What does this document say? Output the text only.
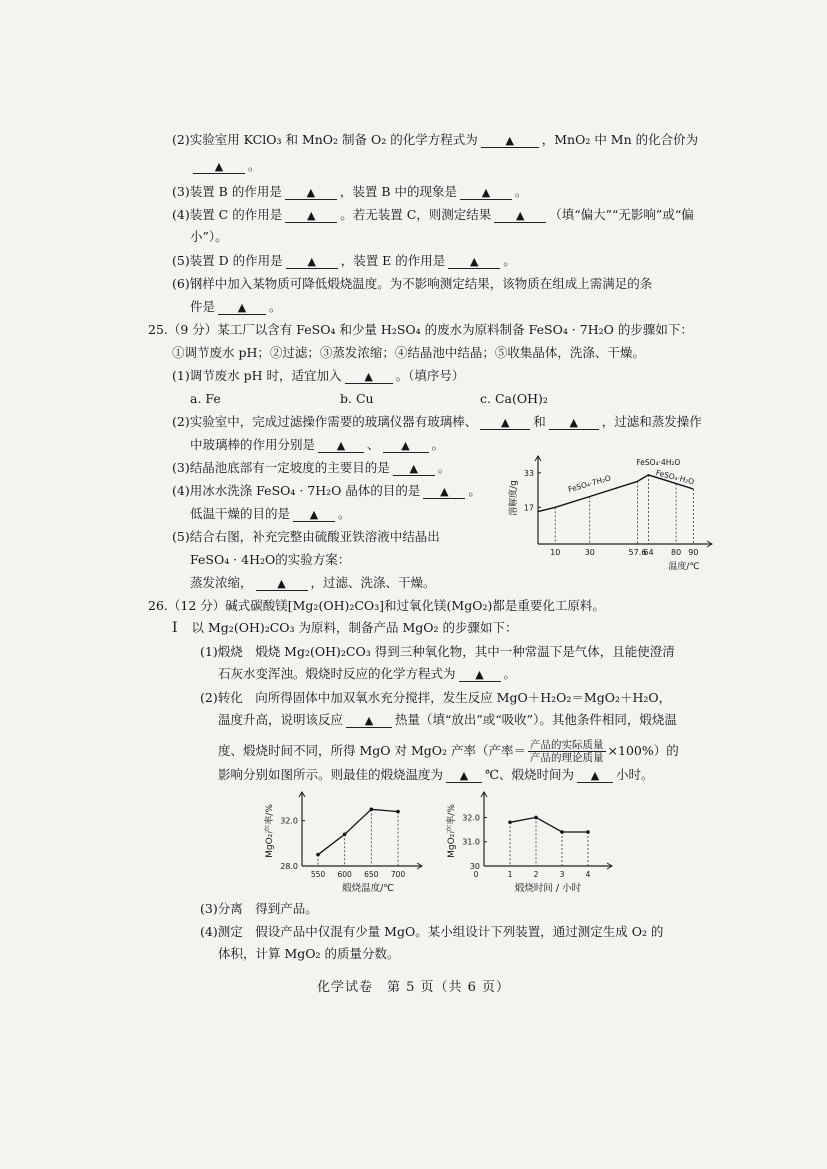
(2)实验室用 KClO₃ 和 MnO₂ 制备 O₂ 的化学方程式为	▲ ，MnO₂ 中 Mn 的化合价为
▲ 。
(3)装置 B 的作用是 ▲ ，装置 B 中的现象是 ▲ 。
(4)装置 C 的作用是 ▲ 。若无装置 C，则测定结果 ▲ （填“偏大”“无影响”或“偏
小”）。
(5)装置 D 的作用是 ▲ ，装置 E 的作用是 ▲ 。
(6)钢样中加入某物质可降低煅烧温度。为不影响测定结果，该物质在组成上需满足的条
件是 ▲ 。
25.（9 分）某工厂以含有 FeSO₄ 和少量 H₂SO₄ 的废水为原料制备 FeSO₄ · 7H₂O 的步骤如下：
①调节废水 pH；②过滤；③蒸发浓缩；④结晶池中结晶；⑤收集晶体，洗涤、干燥。
(1)调节废水 pH 时，适宜加入 ▲ 。（填序号）
a. Fe	b. Cu	c. Ca(OH)₂
(2)实验室中，完成过滤操作需要的玻璃仪器有玻璃棒、 ▲ 和 ▲ ，过滤和蒸发操作
中玻璃棒的作用分别是 ▲ 、 ▲ 。
(3)结晶池底部有一定坡度的主要目的是 ▲ 。
(4)用冰水洗涤 FeSO₄ · 7H₂O 晶体的目的是 ▲ 。
低温干燥的目的是 ▲ 。
(5)结合右图，补充完整由硫酸亚铁溶液中结晶出
FeSO₄ · 4H₂O的实验方案：
蒸发浓缩， ▲ ，过滤、洗涤、干燥。
溶解度/g 17
33
10	30	57.6
64 80 90
温度/℃
FeSO₄·7H₂O
FeSO₄·4H₂O
FeSO₄·H₂O
26.（12 分）碱式碳酸镁[Mg₂(OH)₂CO₃]和过氧化镁(MgO₂)都是重要化工原料。
Ⅰ 以 Mg₂(OH)₂CO₃ 为原料，制备产品 MgO₂ 的步骤如下：
(1)煅烧　煅烧 Mg₂(OH)₂CO₃ 得到三种氧化物，其中一种常温下是气体，且能使澄清
石灰水变浑浊。煅烧时反应的化学方程式为 ▲ 。
(2)转化　向所得固体中加双氧水充分搅拌，发生反应 MgO＋H₂O₂＝MgO₂＋H₂O，
温度升高，说明该反应 ▲ 热量（填“放出”或“吸收”）。其他条件相同，煅烧温
度、煅烧时间不同，所得 MgO 对 MgO₂ 产率（产率＝ $\frac{\text{产品的实际质量}}{\text{产品的理论质量}} \times 100\%$）的
影响分别如图所示。则最佳的煅烧温度为 ▲ ℃、煅烧时间为 ▲ 小时。
MgO₂产率/%
28.0
32.0
550 600 650 700
煅烧温度/℃
MgO₂产率/%
30
31.0
32.0
0	1	2	3	4
煅烧时间 / 小时
(3)分离　得到产品。
(4)测定　假设产品中仅混有少量 MgO。某小组设计下列装置，通过测定生成 O₂ 的
体积，计算 MgO₂ 的质量分数。
化学试卷　第 5 页（共 6 页）
